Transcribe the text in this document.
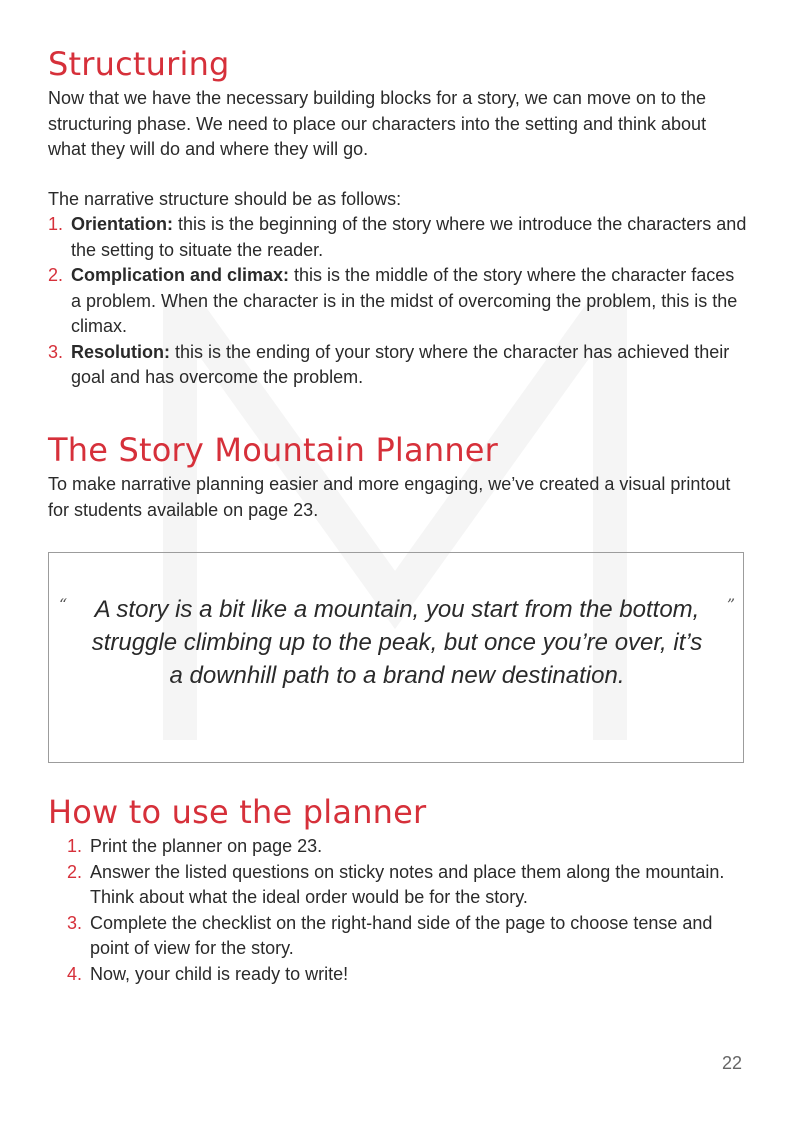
Structuring

Now that we have the necessary building blocks for a story, we can move on to the structuring phase. We need to place our characters into the setting and think about what they will do and where they will go.

The narrative structure should be as follows:

1. Orientation: this is the beginning of the story where we introduce the characters and the setting to situate the reader.
2. Complication and climax: this is the middle of the story where the character faces a problem. When the character is in the midst of overcoming the problem, this is the climax.
3. Resolution: this is the ending of your story where the character has achieved their goal and has overcome the problem.
The Story Mountain Planner

To make narrative planning easier and more engaging, we’ve created a visual printout for students available on page 23.

“ A story is a bit like a mountain, you start from the bottom, struggle climbing up to the peak, but once you’re over, it’s a downhill path to a brand new destination.
”
How to use the planner
1. Print the planner on page 23.
2. Answer the listed questions on sticky notes and place them along the mountain. Think about what the ideal order would be for the story.
3. Complete the checklist on the right-hand side of the page to choose tense and point of view for the story.
4. Now, your child is ready to write!
22
